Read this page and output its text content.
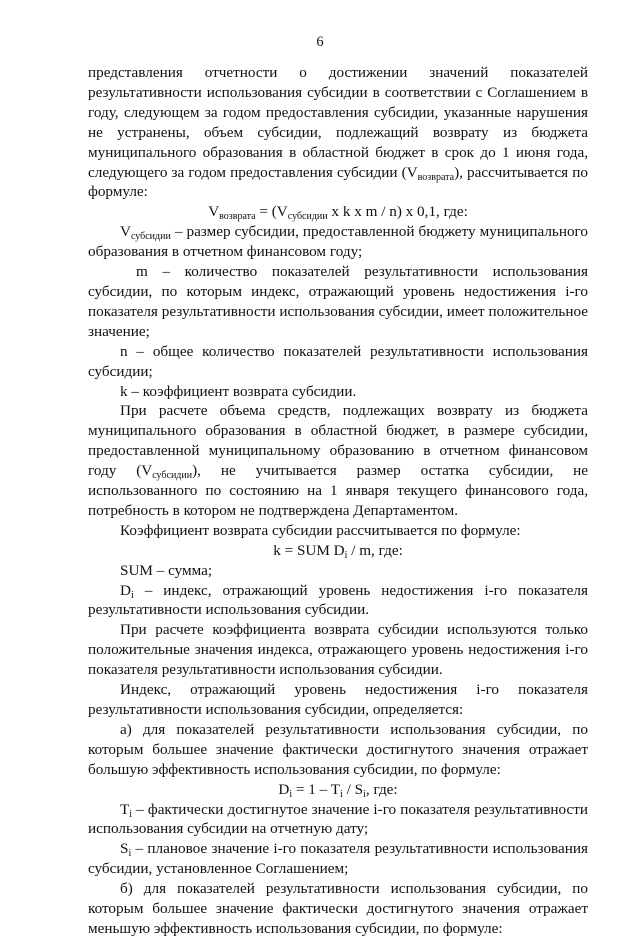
6

представления отчетности о достижении значений показателей результативности использования субсидии в соответствии с Соглашением в году, следующем за годом предоставления субсидии, указанные нарушения не устранены, объем субсидии, подлежащий возврату из бюджета муниципального образования в областной бюджет в срок до 1 июня года, следующего за годом предоставления субсидии $(V_{возврата})$, рассчитывается по формуле:

$V_{возврата} = (V_{субсидии}$ x k x m / n) x 0,1, где:

$V_{субсидии}$ – размер субсидии, предоставленной бюджету муниципального образования в отчетном финансовом году;

m – количество показателей результативности использования субсидии, по которым индекс, отражающий уровень недостижения i-го показателя результативности использования субсидии, имеет положительное значение;

n – общее количество показателей результативности использования субсидии;

k – коэффициент возврата субсидии.

При расчете объема средств, подлежащих возврату из бюджета муниципального образования в областной бюджет, в размере субсидии, предоставленной муниципальному образованию в отчетном финансовом году $(V_{субсидии})$, не учитывается размер остатка субсидии, не использованного по состоянию на 1 января текущего финансового года, потребность в котором не подтверждена Департаментом.

Коэффициент возврата субсидии рассчитывается по формуле:

k = SUM $D_i$ / m, где:

SUM – сумма;

$D_i$ – индекс, отражающий уровень недостижения i-го показателя результативности использования субсидии.

При расчете коэффициента возврата субсидии используются только положительные значения индекса, отражающего уровень недостижения i-го показателя результативности использования субсидии.

Индекс, отражающий уровень недостижения i-го показателя результативности использования субсидии, определяется:

а) для показателей результативности использования субсидии, по которым большее значение фактически достигнутого значения отражает большую эффективность использования субсидии, по формуле:

$D_i = 1 - T_i / S_i$, где:

$T_i$ – фактически достигнутое значение i-го показателя результативности использования субсидии на отчетную дату;

$S_i$ – плановое значение i-го показателя результативности использования субсидии, установленное Соглашением;

б) для показателей результативности использования субсидии, по которым большее значение фактически достигнутого значения отражает меньшую эффективность использования субсидии, по формуле:
